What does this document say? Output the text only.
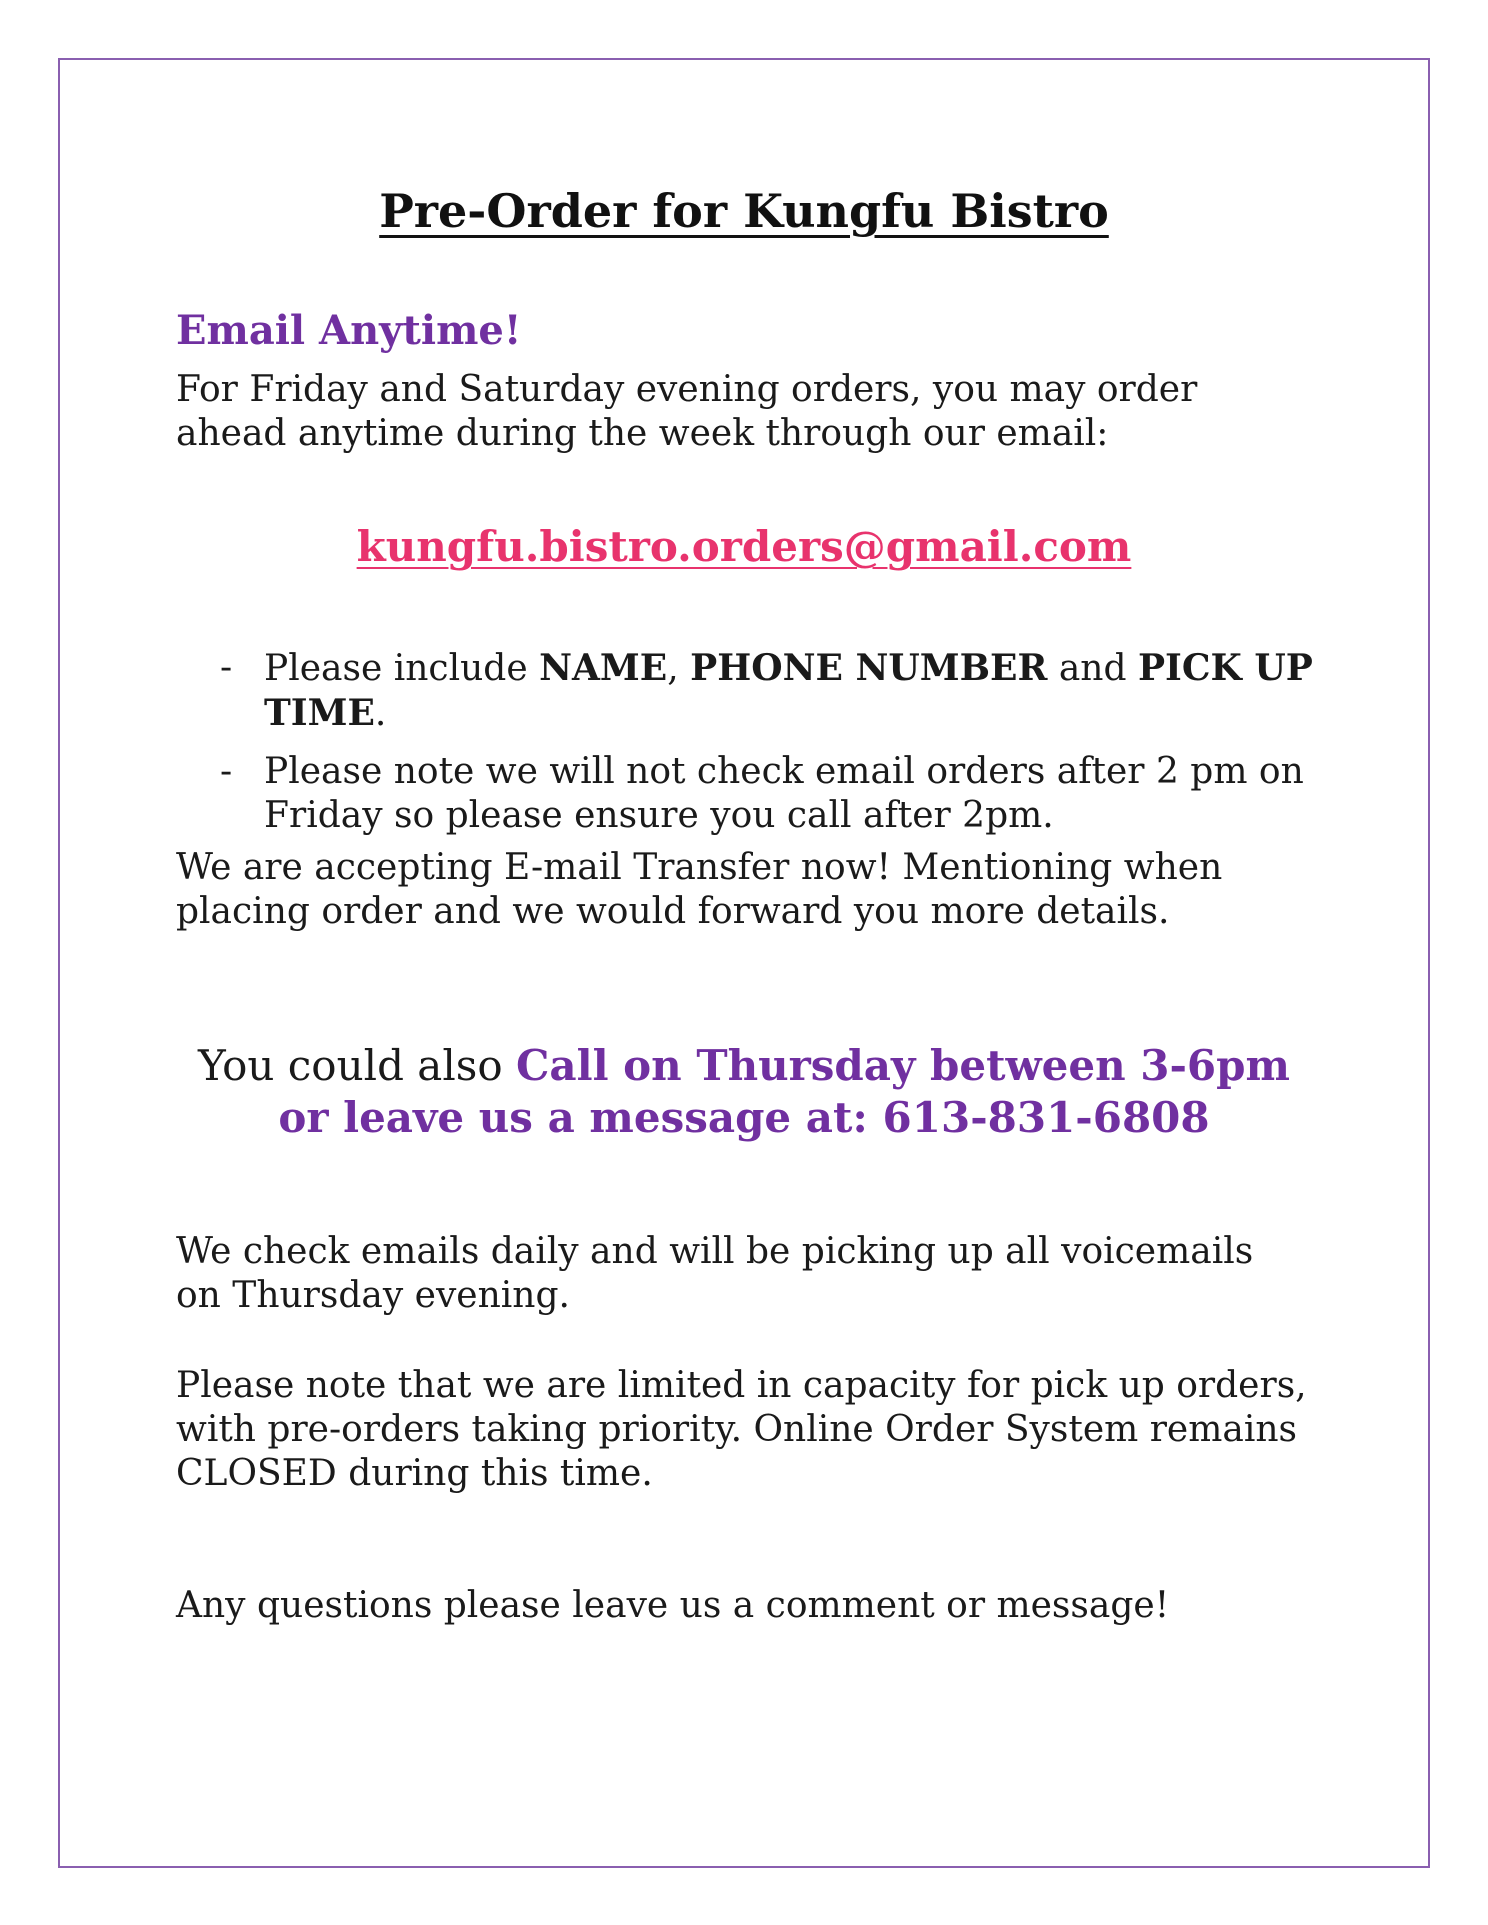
Pre-Order for Kungfu Bistro
Email Anytime!
For Friday and Saturday evening orders, you may order ahead anytime during the week through our email:
kungfu.bistro.orders@gmail.com
- Please include NAME, PHONE NUMBER and PICK UP TIME.
- Please note we will not check email orders after 2 pm on Friday so please ensure you call after 2pm.
We are accepting E-mail Transfer now! Mentioning when placing order and we would forward you more details.
You could also Call on Thursday between 3-6pm or leave us a message at: 613-831-6808
We check emails daily and will be picking up all voicemails on Thursday evening.
Please note that we are limited in capacity for pick up orders, with pre-orders taking priority. Online Order System remains CLOSED during this time.
Any questions please leave us a comment or message!
